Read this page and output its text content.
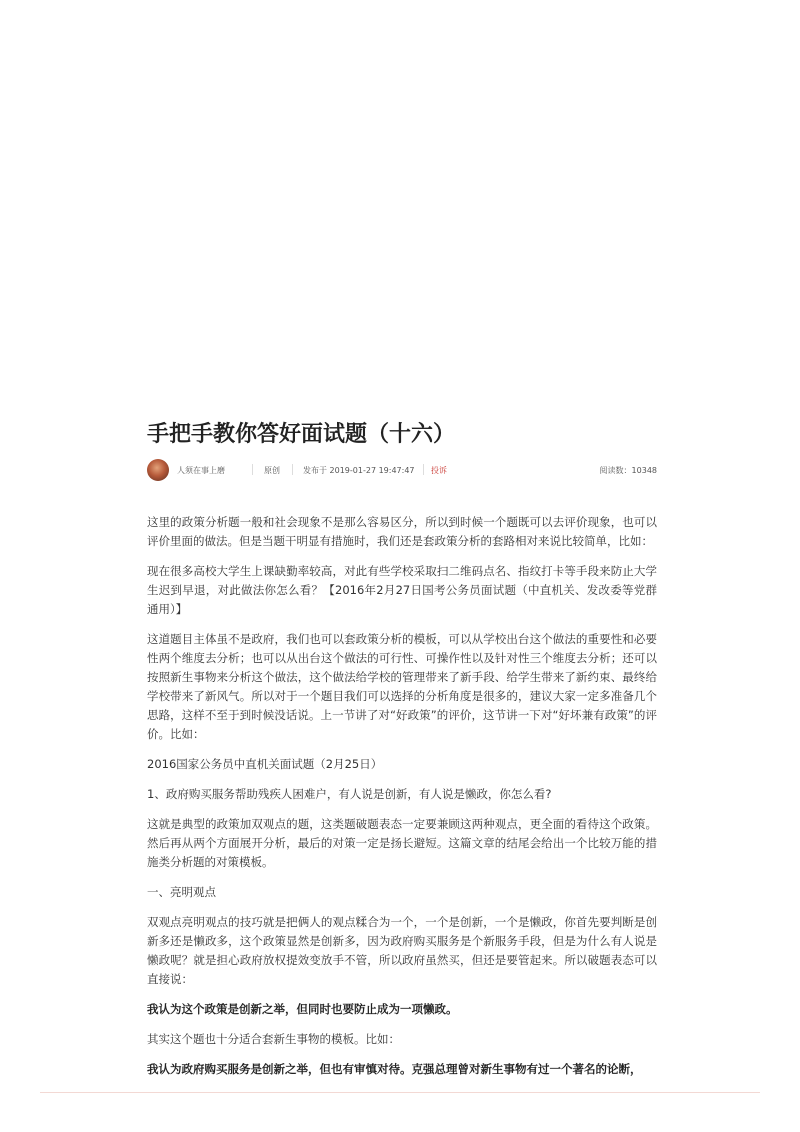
手把手教你答好面试题（十六）
人须在事上磨	原创	发布于 2019-01-27 19:47:47 投诉	阅读数：10348

这里的政策分析题一般和社会现象不是那么容易区分，所以到时候一个题既可以去评价现象，也可以评价里面的做法。但是当题干明显有措施时，我们还是套政策分析的套路相对来说比较简单，比如：

现在很多高校大学生上课缺勤率较高，对此有些学校采取扫二维码点名、指纹打卡等手段来防止大学生迟到早退，对此做法你怎么看？【2016年2月27日国考公务员面试题（中直机关、发改委等党群通用）】

这道题目主体虽不是政府，我们也可以套政策分析的模板，可以从学校出台这个做法的重要性和必要性两个维度去分析；也可以从出台这个做法的可行性、可操作性以及针对性三个维度去分析；还可以按照新生事物来分析这个做法，这个做法给学校的管理带来了新手段、给学生带来了新约束、最终给学校带来了新风气。所以对于一个题目我们可以选择的分析角度是很多的，建议大家一定多准备几个思路，这样不至于到时候没话说。上一节讲了对“好政策”的评价，这节讲一下对“好坏兼有政策”的评价。比如：

2016国家公务员中直机关面试题（2月25日）

1、政府购买服务帮助残疾人困难户，有人说是创新，有人说是懒政，你怎么看?

这就是典型的政策加双观点的题，这类题破题表态一定要兼顾这两种观点，更全面的看待这个政策。然后再从两个方面展开分析，最后的对策一定是扬长避短。这篇文章的结尾会给出一个比较万能的措施类分析题的对策模板。

一、亮明观点

双观点亮明观点的技巧就是把俩人的观点糅合为一个，一个是创新，一个是懒政，你首先要判断是创新多还是懒政多，这个政策显然是创新多，因为政府购买服务是个新服务手段，但是为什么有人说是懒政呢？就是担心政府放权提效变放手不管，所以政府虽然买，但还是要管起来。所以破题表态可以直接说：

我认为这个政策是创新之举，但同时也要防止成为一项懒政。

其实这个题也十分适合套新生事物的模板。比如：

我认为政府购买服务是创新之举，但也有审慎对待。克强总理曾对新生事物有过一个著名的论断，
